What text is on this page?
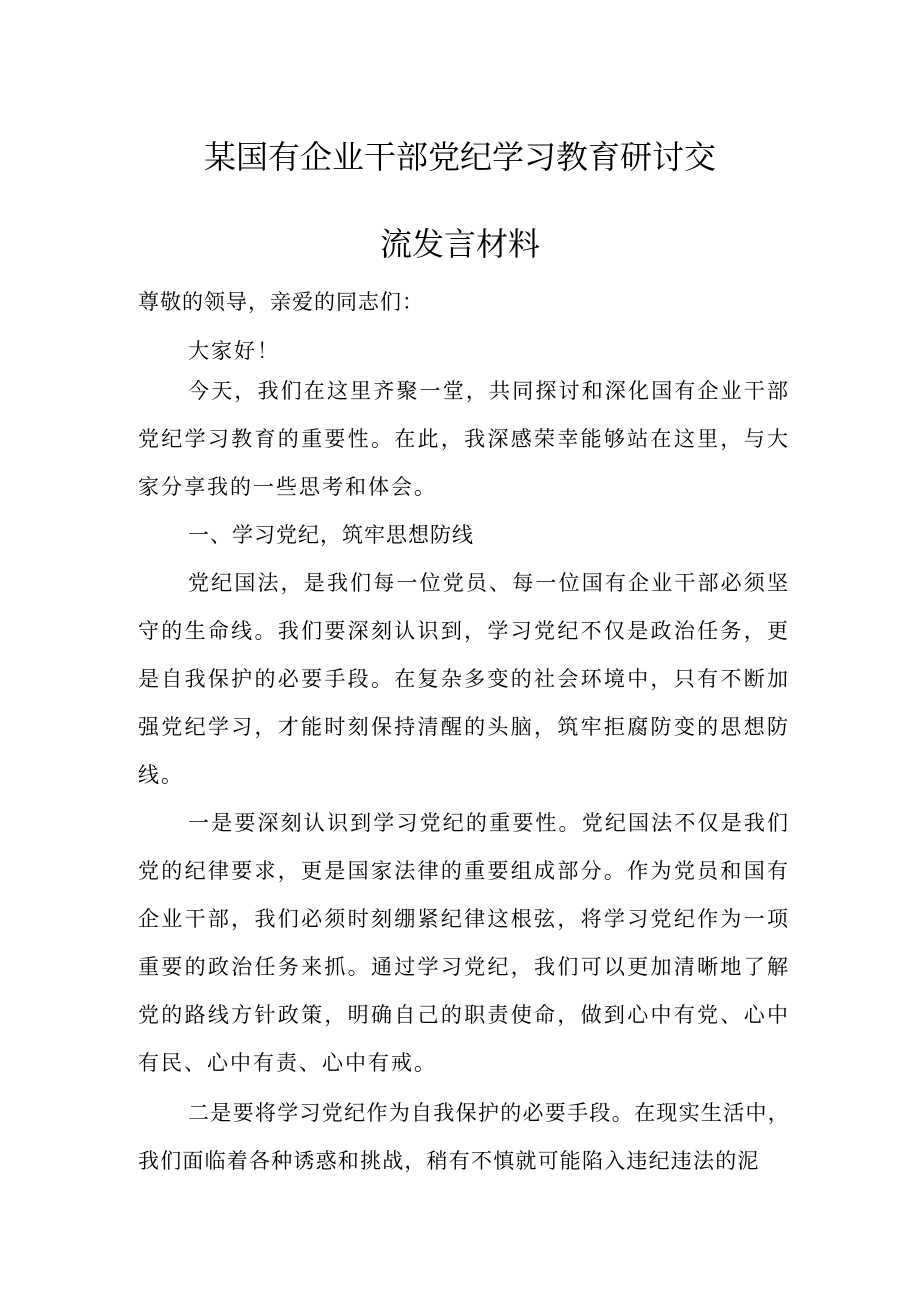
某国有企业干部党纪学习教育研讨交
流发言材料

尊敬的领导，亲爱的同志们：

大家好！

今天，我们在这里齐聚一堂，共同探讨和深化国有企业干部党纪学习教育的重要性。在此，我深感荣幸能够站在这里，与大家分享我的一些思考和体会。

一、学习党纪，筑牢思想防线

党纪国法，是我们每一位党员、每一位国有企业干部必须坚守的生命线。我们要深刻认识到，学习党纪不仅是政治任务，更是自我保护的必要手段。在复杂多变的社会环境中，只有不断加强党纪学习，才能时刻保持清醒的头脑，筑牢拒腐防变的思想防线。

一是要深刻认识到学习党纪的重要性。党纪国法不仅是我们党的纪律要求，更是国家法律的重要组成部分。作为党员和国有企业干部，我们必须时刻绷紧纪律这根弦，将学习党纪作为一项重要的政治任务来抓。通过学习党纪，我们可以更加清晰地了解党的路线方针政策，明确自己的职责使命，做到心中有党、心中有民、心中有责、心中有戒。

二是要将学习党纪作为自我保护的必要手段。在现实生活中，我们面临着各种诱惑和挑战，稍有不慎就可能陷入违纪违法的泥
